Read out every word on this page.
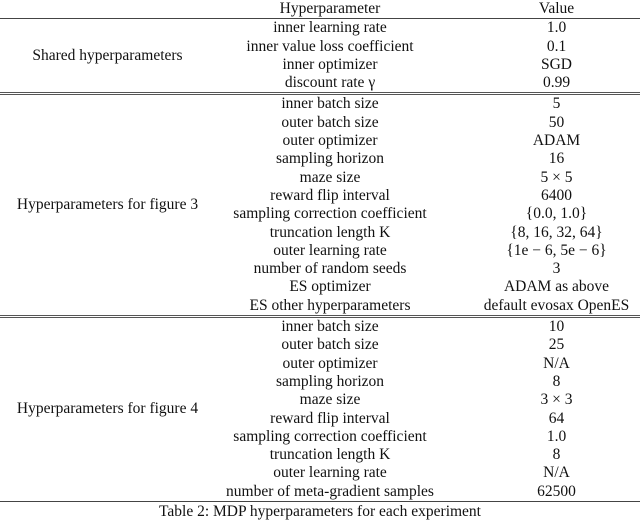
	Hyperparameter	Value
Shared hyperparameters	inner learning rate	1.0
	inner value loss coefficient	0.1
	inner optimizer	SGD
	discount rate γ	0.99
Hyperparameters for figure 3	inner batch size	5
	outer batch size	50
	outer optimizer	ADAM
	sampling horizon	16
	maze size	5 × 5
	reward flip interval	6400
	sampling correction coefficient	{0.0, 1.0}
	truncation length K	{8, 16, 32, 64}
	outer learning rate	{1e − 6, 5e − 6}
	number of random seeds	3
	ES optimizer	ADAM as above
	ES other hyperparameters	default evosax OpenES
Hyperparameters for figure 4	inner batch size	10
	outer batch size	25
	outer optimizer	N/A
	sampling horizon	8
	maze size	3 × 3
	reward flip interval	64
	sampling correction coefficient	1.0
	truncation length K	8
	outer learning rate	N/A
	number of meta-gradient samples	62500
Table 2: MDP hyperparameters for each experiment
